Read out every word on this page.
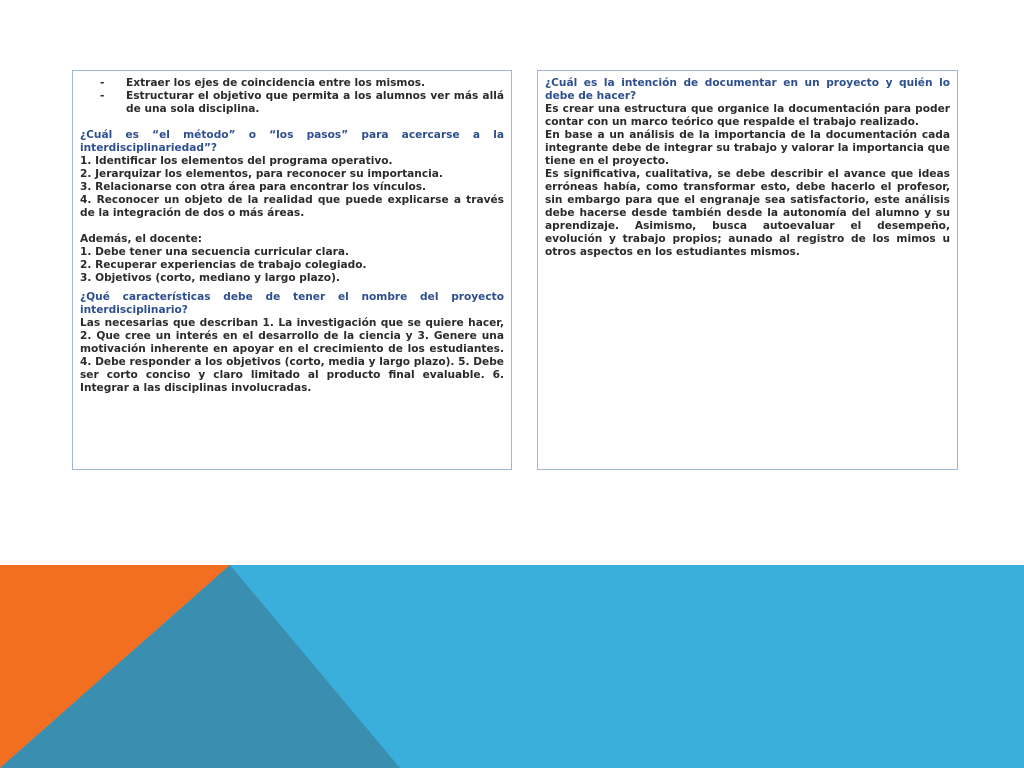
- Extraer los ejes de coincidencia entre los mismos.
- Estructurar el objetivo que permita a los alumnos ver más allá de una sola disciplina.

¿Cuál es “el método” o “los pasos” para acercarse a la interdisciplinariedad”?

1. Identificar los elementos del programa operativo.

2. Jerarquizar los elementos, para reconocer su importancia.

3. Relacionarse con otra área para encontrar los vínculos.

4. Reconocer un objeto de la realidad que puede explicarse a través de la integración de dos o más áreas.

Además, el docente:

1. Debe tener una secuencia curricular clara.

2. Recuperar experiencias de trabajo colegiado.

3. Objetivos (corto, mediano y largo plazo).

¿Qué características debe de tener el nombre del proyecto interdisciplinario?

Las necesarias que describan 1. La investigación que se quiere hacer, 2. Que cree un interés en el desarrollo de la ciencia y 3. Genere una motivación inherente en apoyar en el crecimiento de los estudiantes. 4. Debe responder a los objetivos (corto, media y largo plazo). 5. Debe ser corto conciso y claro limitado al producto final evaluable. 6. Integrar a las disciplinas involucradas.

¿Cuál es la intención de documentar en un proyecto y quién lo debe de hacer?

Es crear una estructura que organice la documentación para poder contar con un marco teórico que respalde el trabajo realizado.

En base a un análisis de la importancia de la documentación cada integrante debe de integrar su trabajo y valorar la importancia que tiene en el proyecto.

Es significativa, cualitativa, se debe describir el avance que ideas erróneas había, como transformar esto, debe hacerlo el profesor, sin embargo para que el engranaje sea satisfactorio, este análisis debe hacerse desde también desde la autonomía del alumno y su aprendizaje. Asimismo, busca autoevaluar el desempeño, evolución y trabajo propios; aunado al registro de los mimos u otros aspectos en los estudiantes mismos.
